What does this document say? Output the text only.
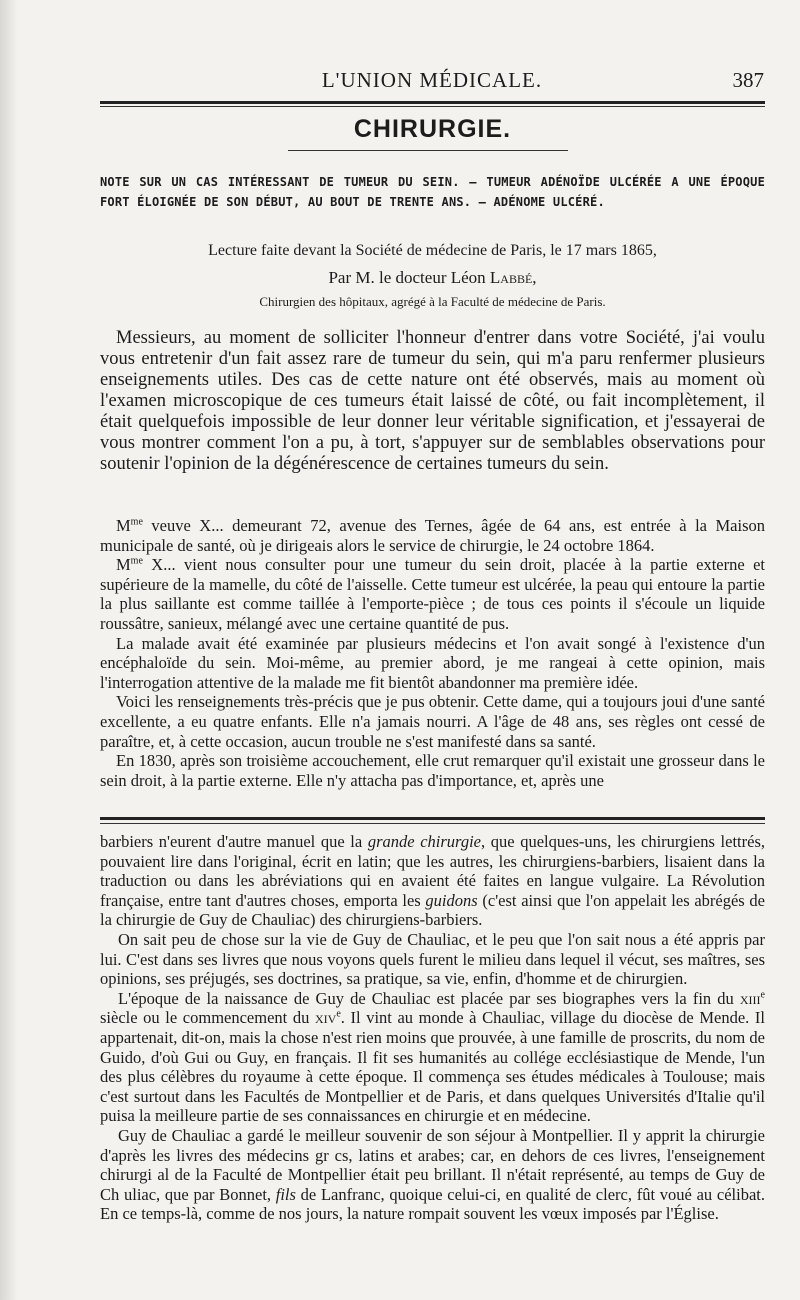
L'UNION MÉDICALE.	387
CHIRURGIE.
NOTE SUR UN CAS INTÉRESSANT DE TUMEUR DU SEIN. — TUMEUR ADÉNOÏDE ULCÉRÉE A UNE ÉPOQUE FORT ÉLOIGNÉE DE SON DÉBUT, AU BOUT DE TRENTE ANS. — ADÉNOME ULCÉRÉ.
Lecture faite devant la Société de médecine de Paris, le 17 mars 1865,
Par M. le docteur Léon Labbé,
Chirurgien des hôpitaux, agrégé à la Faculté de médecine de Paris.

Messieurs, au moment de solliciter l'honneur d'entrer dans votre Société, j'ai voulu vous entretenir d'un fait assez rare de tumeur du sein, qui m'a paru renfermer plusieurs enseignements utiles. Des cas de cette nature ont été observés, mais au moment où l'examen microscopique de ces tumeurs était laissé de côté, ou fait incomplètement, il était quelquefois impossible de leur donner leur véritable signification, et j'essayerai de vous montrer comment l'on a pu, à tort, s'appuyer sur de semblables observations pour soutenir l'opinion de la dégénérescence de certaines tumeurs du sein.

$M^{me}$ veuve X... demeurant 72, avenue des Ternes, âgée de 64 ans, est entrée à la Maison municipale de santé, où je dirigeais alors le service de chirurgie, le 24 octobre 1864.

$M^{me}$ X... vient nous consulter pour une tumeur du sein droit, placée à la partie externe et supérieure de la mamelle, du côté de l'aisselle. Cette tumeur est ulcérée, la peau qui entoure la partie la plus saillante est comme taillée à l'emporte-pièce ; de tous ces points il s'écoule un liquide roussâtre, sanieux, mélangé avec une certaine quantité de pus.

La malade avait été examinée par plusieurs médecins et l'on avait songé à l'existence d'un encéphaloïde du sein. Moi-même, au premier abord, je me rangeai à cette opinion, mais l'interrogation attentive de la malade me fit bientôt abandonner ma première idée.

Voici les renseignements très-précis que je pus obtenir. Cette dame, qui a toujours joui d'une santé excellente, a eu quatre enfants. Elle n'a jamais nourri. A l'âge de 48 ans, ses règles ont cessé de paraître, et, à cette occasion, aucun trouble ne s'est manifesté dans sa santé.

En 1830, après son troisième accouchement, elle crut remarquer qu'il existait une grosseur dans le sein droit, à la partie externe. Elle n'y attacha pas d'importance, et, après une

barbiers n'eurent d'autre manuel que la grande chirurgie, que quelques-uns, les chirurgiens lettrés, pouvaient lire dans l'original, écrit en latin; que les autres, les chirurgiens-barbiers, lisaient dans la traduction ou dans les abréviations qui en avaient été faites en langue vulgaire. La Révolution française, entre tant d'autres choses, emporta les guidons (c'est ainsi que l'on appelait les abrégés de la chirurgie de Guy de Chauliac) des chirurgiens-barbiers.

On sait peu de chose sur la vie de Guy de Chauliac, et le peu que l'on sait nous a été appris par lui. C'est dans ses livres que nous voyons quels furent le milieu dans lequel il vécut, ses maîtres, ses opinions, ses préjugés, ses doctrines, sa pratique, sa vie, enfin, d'homme et de chirurgien.

L'époque de la naissance de Guy de Chauliac est placée par ses biographes vers la fin du xiii$^e$ siècle ou le commencement du xiv$^e$. Il vint au monde à Chauliac, village du diocèse de Mende. Il appartenait, dit-on, mais la chose n'est rien moins que prouvée, à une famille de proscrits, du nom de Guido, d'où Gui ou Guy, en français. Il fit ses humanités au collége ecclésiastique de Mende, l'un des plus célèbres du royaume à cette époque. Il commença ses études médicales à Toulouse; mais c'est surtout dans les Facultés de Montpellier et de Paris, et dans quelques Universités d'Italie qu'il puisa la meilleure partie de ses connaissances en chirurgie et en médecine.

Guy de Chauliac a gardé le meilleur souvenir de son séjour à Montpellier. Il y apprit la chirurgie d'après les livres des médecins gr cs, latins et arabes; car, en dehors de ces livres, l'enseignement chirurgi al de la Faculté de Montpellier était peu brillant. Il n'était représenté, au temps de Guy de Ch uliac, que par Bonnet, fils de Lanfranc, quoique celui-ci, en qualité de clerc, fût voué au célibat. En ce temps-là, comme de nos jours, la nature rompait souvent les vœux imposés par l'Église.
